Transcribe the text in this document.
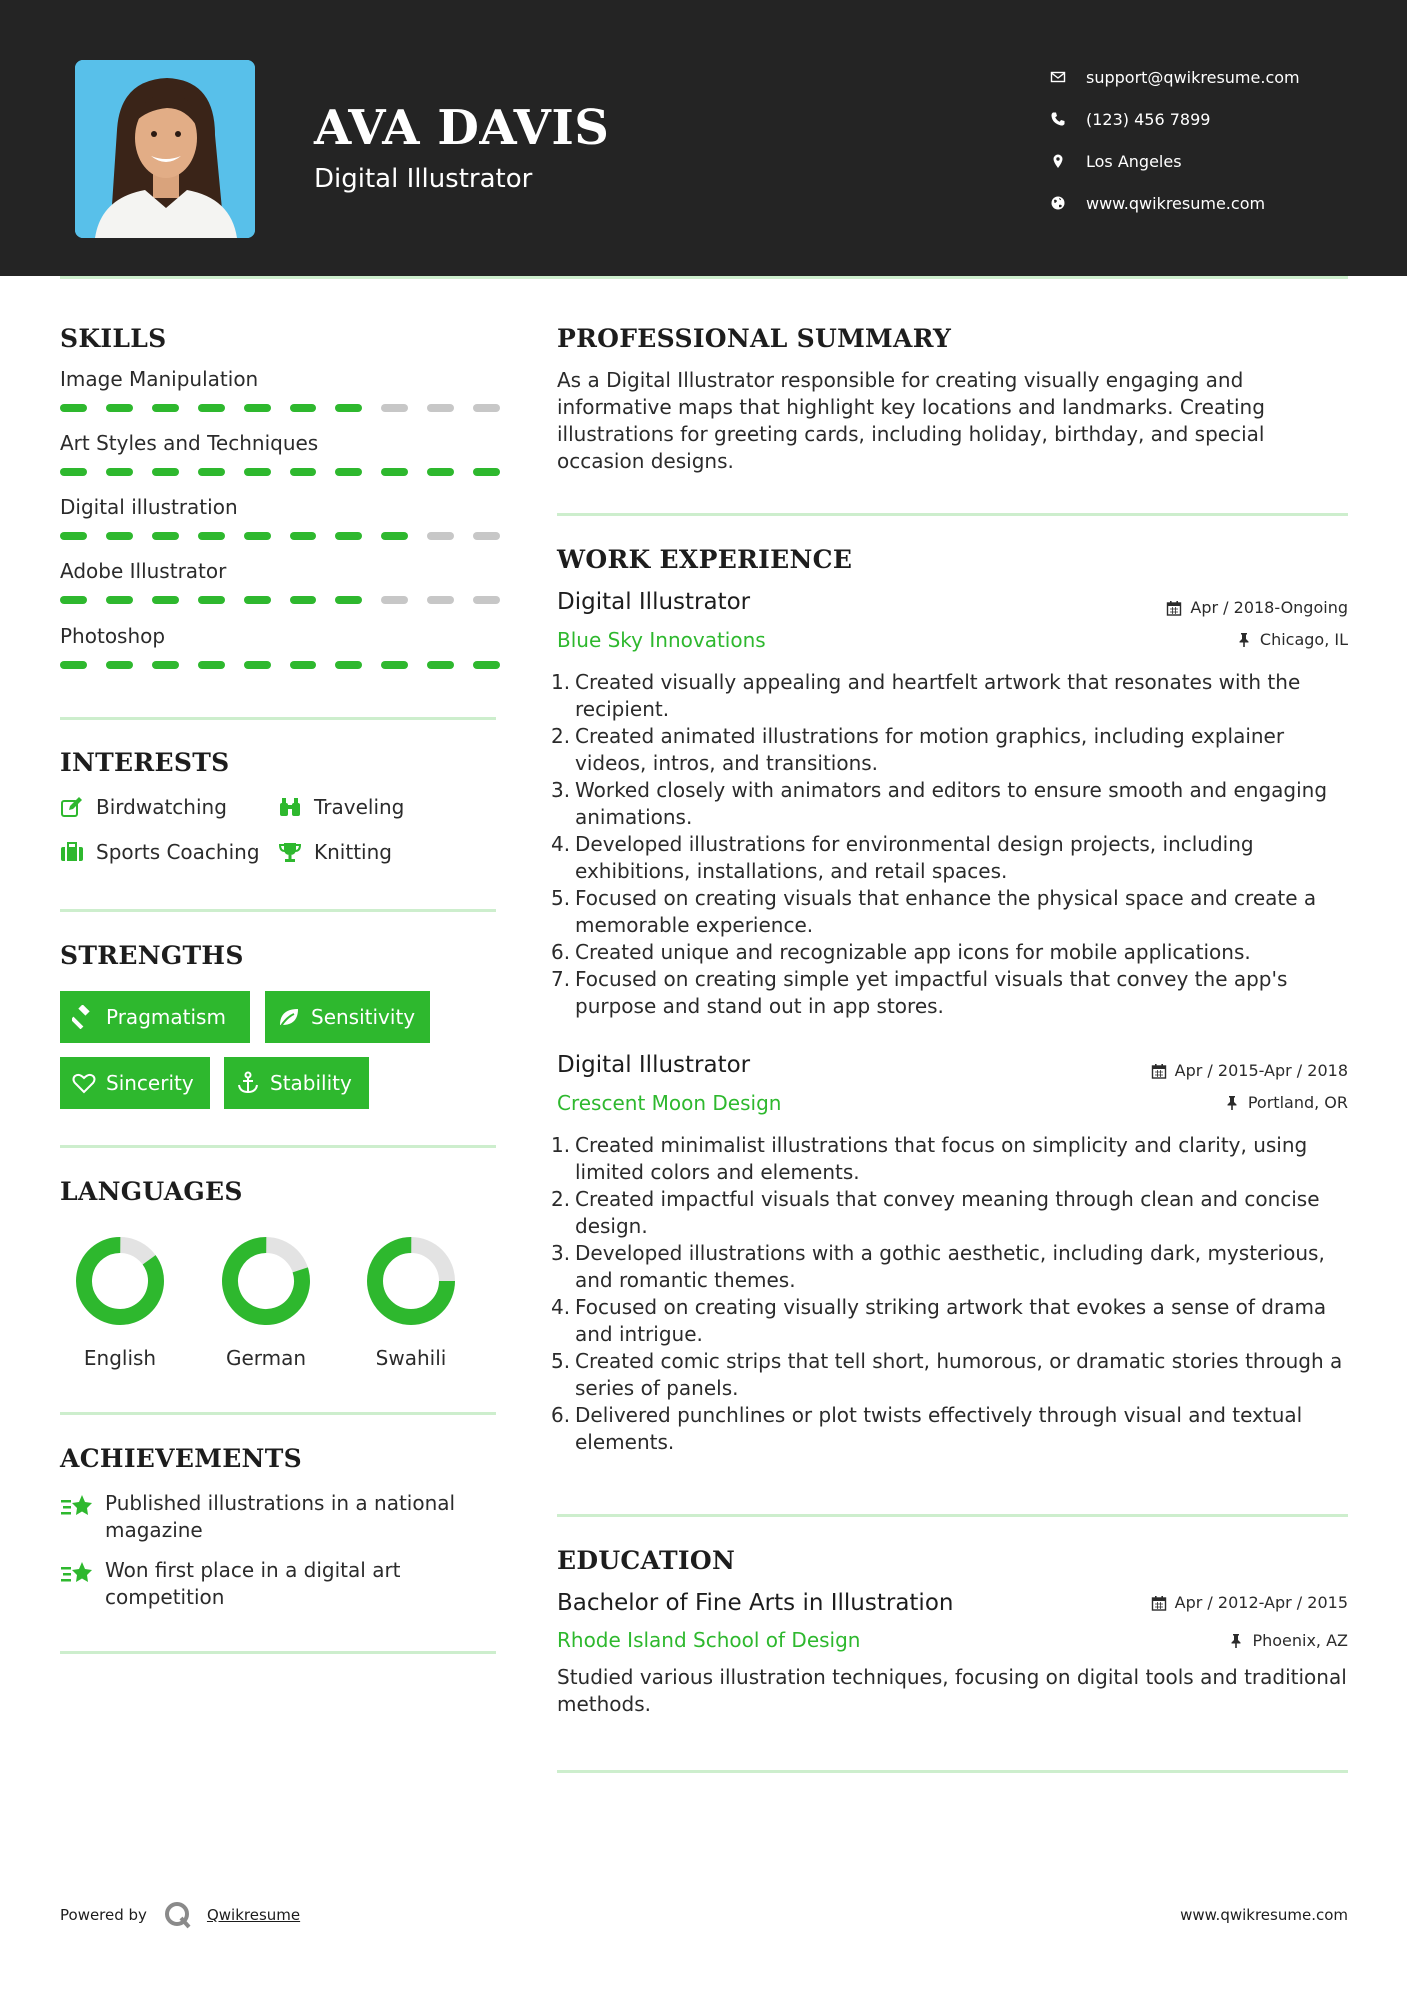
AVA DAVIS
Digital Illustrator
support@qwikresume.com
(123) 456 7899
Los Angeles
www.qwikresume.com
SKILLS
Image Manipulation
Art Styles and Techniques
Digital illustration
Adobe Illustrator
Photoshop
INTERESTS
Birdwatching	Traveling
Sports Coaching	Knitting
STRENGTHS
Pragmatism	Sensitivity
Sincerity	Stability
LANGUAGES
English	German	Swahili
ACHIEVEMENTS
Published illustrations in a national magazine
Won first place in a digital art competition
PROFESSIONAL SUMMARY
As a Digital Illustrator responsible for creating visually engaging and informative maps that highlight key locations and landmarks. Creating illustrations for greeting cards, including holiday, birthday, and special occasion designs.
WORK EXPERIENCE
Digital Illustrator	Apr / 2018-Ongoing
Blue Sky Innovations	Chicago, IL
Created visually appealing and heartfelt artwork that resonates with the recipient.
Created animated illustrations for motion graphics, including explainer videos, intros, and transitions.
Worked closely with animators and editors to ensure smooth and engaging animations.
Developed illustrations for environmental design projects, including exhibitions, installations, and retail spaces.
Focused on creating visuals that enhance the physical space and create a memorable experience.
Created unique and recognizable app icons for mobile applications.
Focused on creating simple yet impactful visuals that convey the app's purpose and stand out in app stores.
Digital Illustrator	Apr / 2015-Apr / 2018
Crescent Moon Design	Portland, OR
Created minimalist illustrations that focus on simplicity and clarity, using limited colors and elements.
Created impactful visuals that convey meaning through clean and concise design.
Developed illustrations with a gothic aesthetic, including dark, mysterious, and romantic themes.
Focused on creating visually striking artwork that evokes a sense of drama and intrigue.
Created comic strips that tell short, humorous, or dramatic stories through a series of panels.
Delivered punchlines or plot twists effectively through visual and textual elements.
EDUCATION
Bachelor of Fine Arts in Illustration	Apr / 2012-Apr / 2015
Rhode Island School of Design	Phoenix, AZ
Studied various illustration techniques, focusing on digital tools and traditional methods.
Powered by	Qwikresume	www.qwikresume.com
